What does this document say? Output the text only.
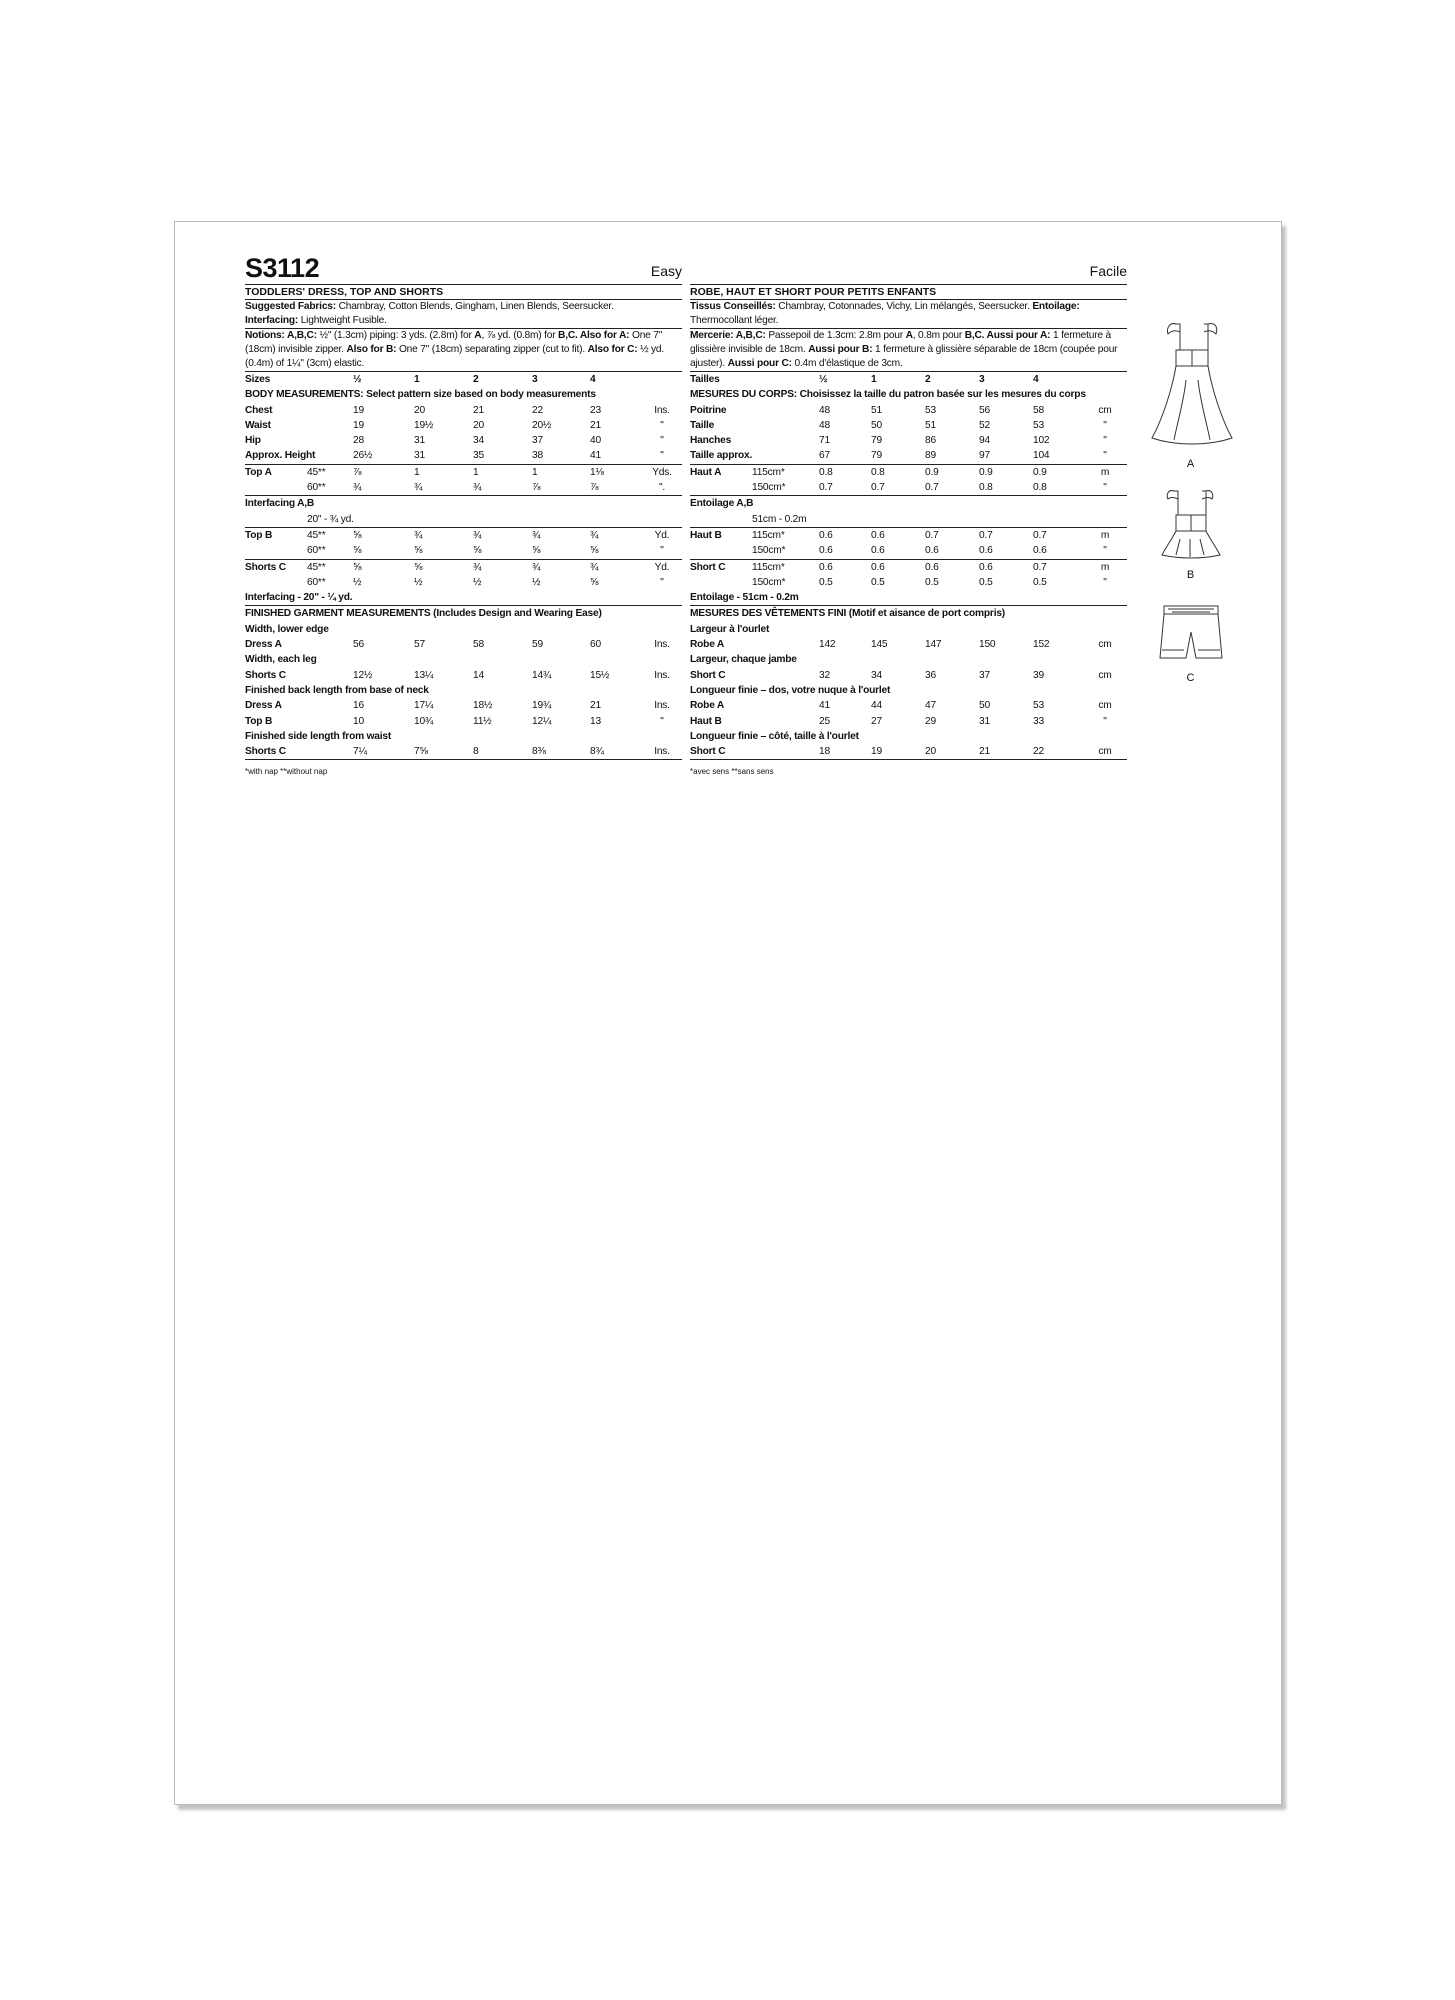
S3112	Easy
TODDLERS' DRESS, TOP AND SHORTS
Suggested Fabrics: Chambray, Cotton Blends, Gingham, Linen Blends, Seersucker.
Interfacing: Lightweight Fusible.
Notions: A,B,C: ½" (1.3cm) piping: 3 yds. (2.8m) for A, ⅞ yd. (0.8m) for B,C. Also for A: One 7" (18cm) invisible zipper. Also for B: One 7" (18cm) separating zipper (cut to fit). Also for C: ½ yd. (0.4m) of 1¼" (3cm) elastic.
Sizes		½	1	2	3	4	
BODY MEASUREMENTS: Select pattern size based on body measurements							
Chest		19	20	21	22	23	Ins.
Waist		19	19½	20	20½	21	"
Hip		28	31	34	37	40	"
Approx. Height		26½	31	35	38	41	"
Top A	45**	⅞	1	1	1	1⅛	Yds.
	60**	¾	¾	¾	⅞	⅞	".
Interfacing A,B							
	20" - ¾ yd.						
Top B	45**	⅝	¾	¾	¾	¾	Yd.
	60**	⅝	⅝	⅝	⅝	⅝	"
Shorts C	45**	⅝	⅝	¾	¾	¾	Yd.
	60**	½	½	½	½	⅝	"
Interfacing - 20" - ¼ yd.							
FINISHED GARMENT MEASUREMENTS (Includes Design and Wearing Ease)							
Width, lower edge							
Dress A		56	57	58	59	60	Ins.
Width, each leg							
Shorts C		12½	13¼	14	14¾	15½	Ins.
Finished back length from base of neck							
Dress A		16	17¼	18½	19¾	21	Ins.
Top B		10	10¾	11½	12¼	13	"
Finished side length from waist							
Shorts C		7¼	7⅝	8	8⅜	8¾	Ins.
*with nap **without nap
Facile
ROBE, HAUT ET SHORT POUR PETITS ENFANTS
Tissus Conseillés: Chambray, Cotonnades, Vichy, Lin mélangés, Seersucker. Entoilage: Thermocollant léger.
Mercerie: A,B,C: Passepoil de 1.3cm: 2.8m pour A, 0.8m pour B,C. Aussi pour A: 1 fermeture à glissière invisible de 18cm. Aussi pour B: 1 fermeture à glissière séparable de 18cm (coupée pour ajuster). Aussi pour C: 0.4m d'élastique de 3cm.
Tailles		½	1	2	3	4	
MESURES DU CORPS: Choisissez la taille du patron basée sur les mesures du corps							
Poitrine		48	51	53	56	58	cm
Taille		48	50	51	52	53	"
Hanches		71	79	86	94	102	"
Taille approx.		67	79	89	97	104	"
Haut A	115cm*	0.8	0.8	0.9	0.9	0.9	m
	150cm*	0.7	0.7	0.7	0.8	0.8	"
Entoilage A,B							
	51cm - 0.2m						
Haut B	115cm*	0.6	0.6	0.7	0.7	0.7	m
	150cm*	0.6	0.6	0.6	0.6	0.6	"
Short C	115cm*	0.6	0.6	0.6	0.6	0.7	m
	150cm*	0.5	0.5	0.5	0.5	0.5	"
Entoilage - 51cm - 0.2m							
MESURES DES VÊTEMENTS FINI (Motif et aisance de port compris)							
Largeur à l'ourlet							
Robe A		142	145	147	150	152	cm
Largeur, chaque jambe							
Short C		32	34	36	37	39	cm
Longueur finie – dos, votre nuque à l'ourlet							
Robe A		41	44	47	50	53	cm
Haut B		25	27	29	31	33	"
Longueur finie – côté, taille à l'ourlet							
Short C		18	19	20	21	22	cm
*avec sens **sans sens
A
B
C
